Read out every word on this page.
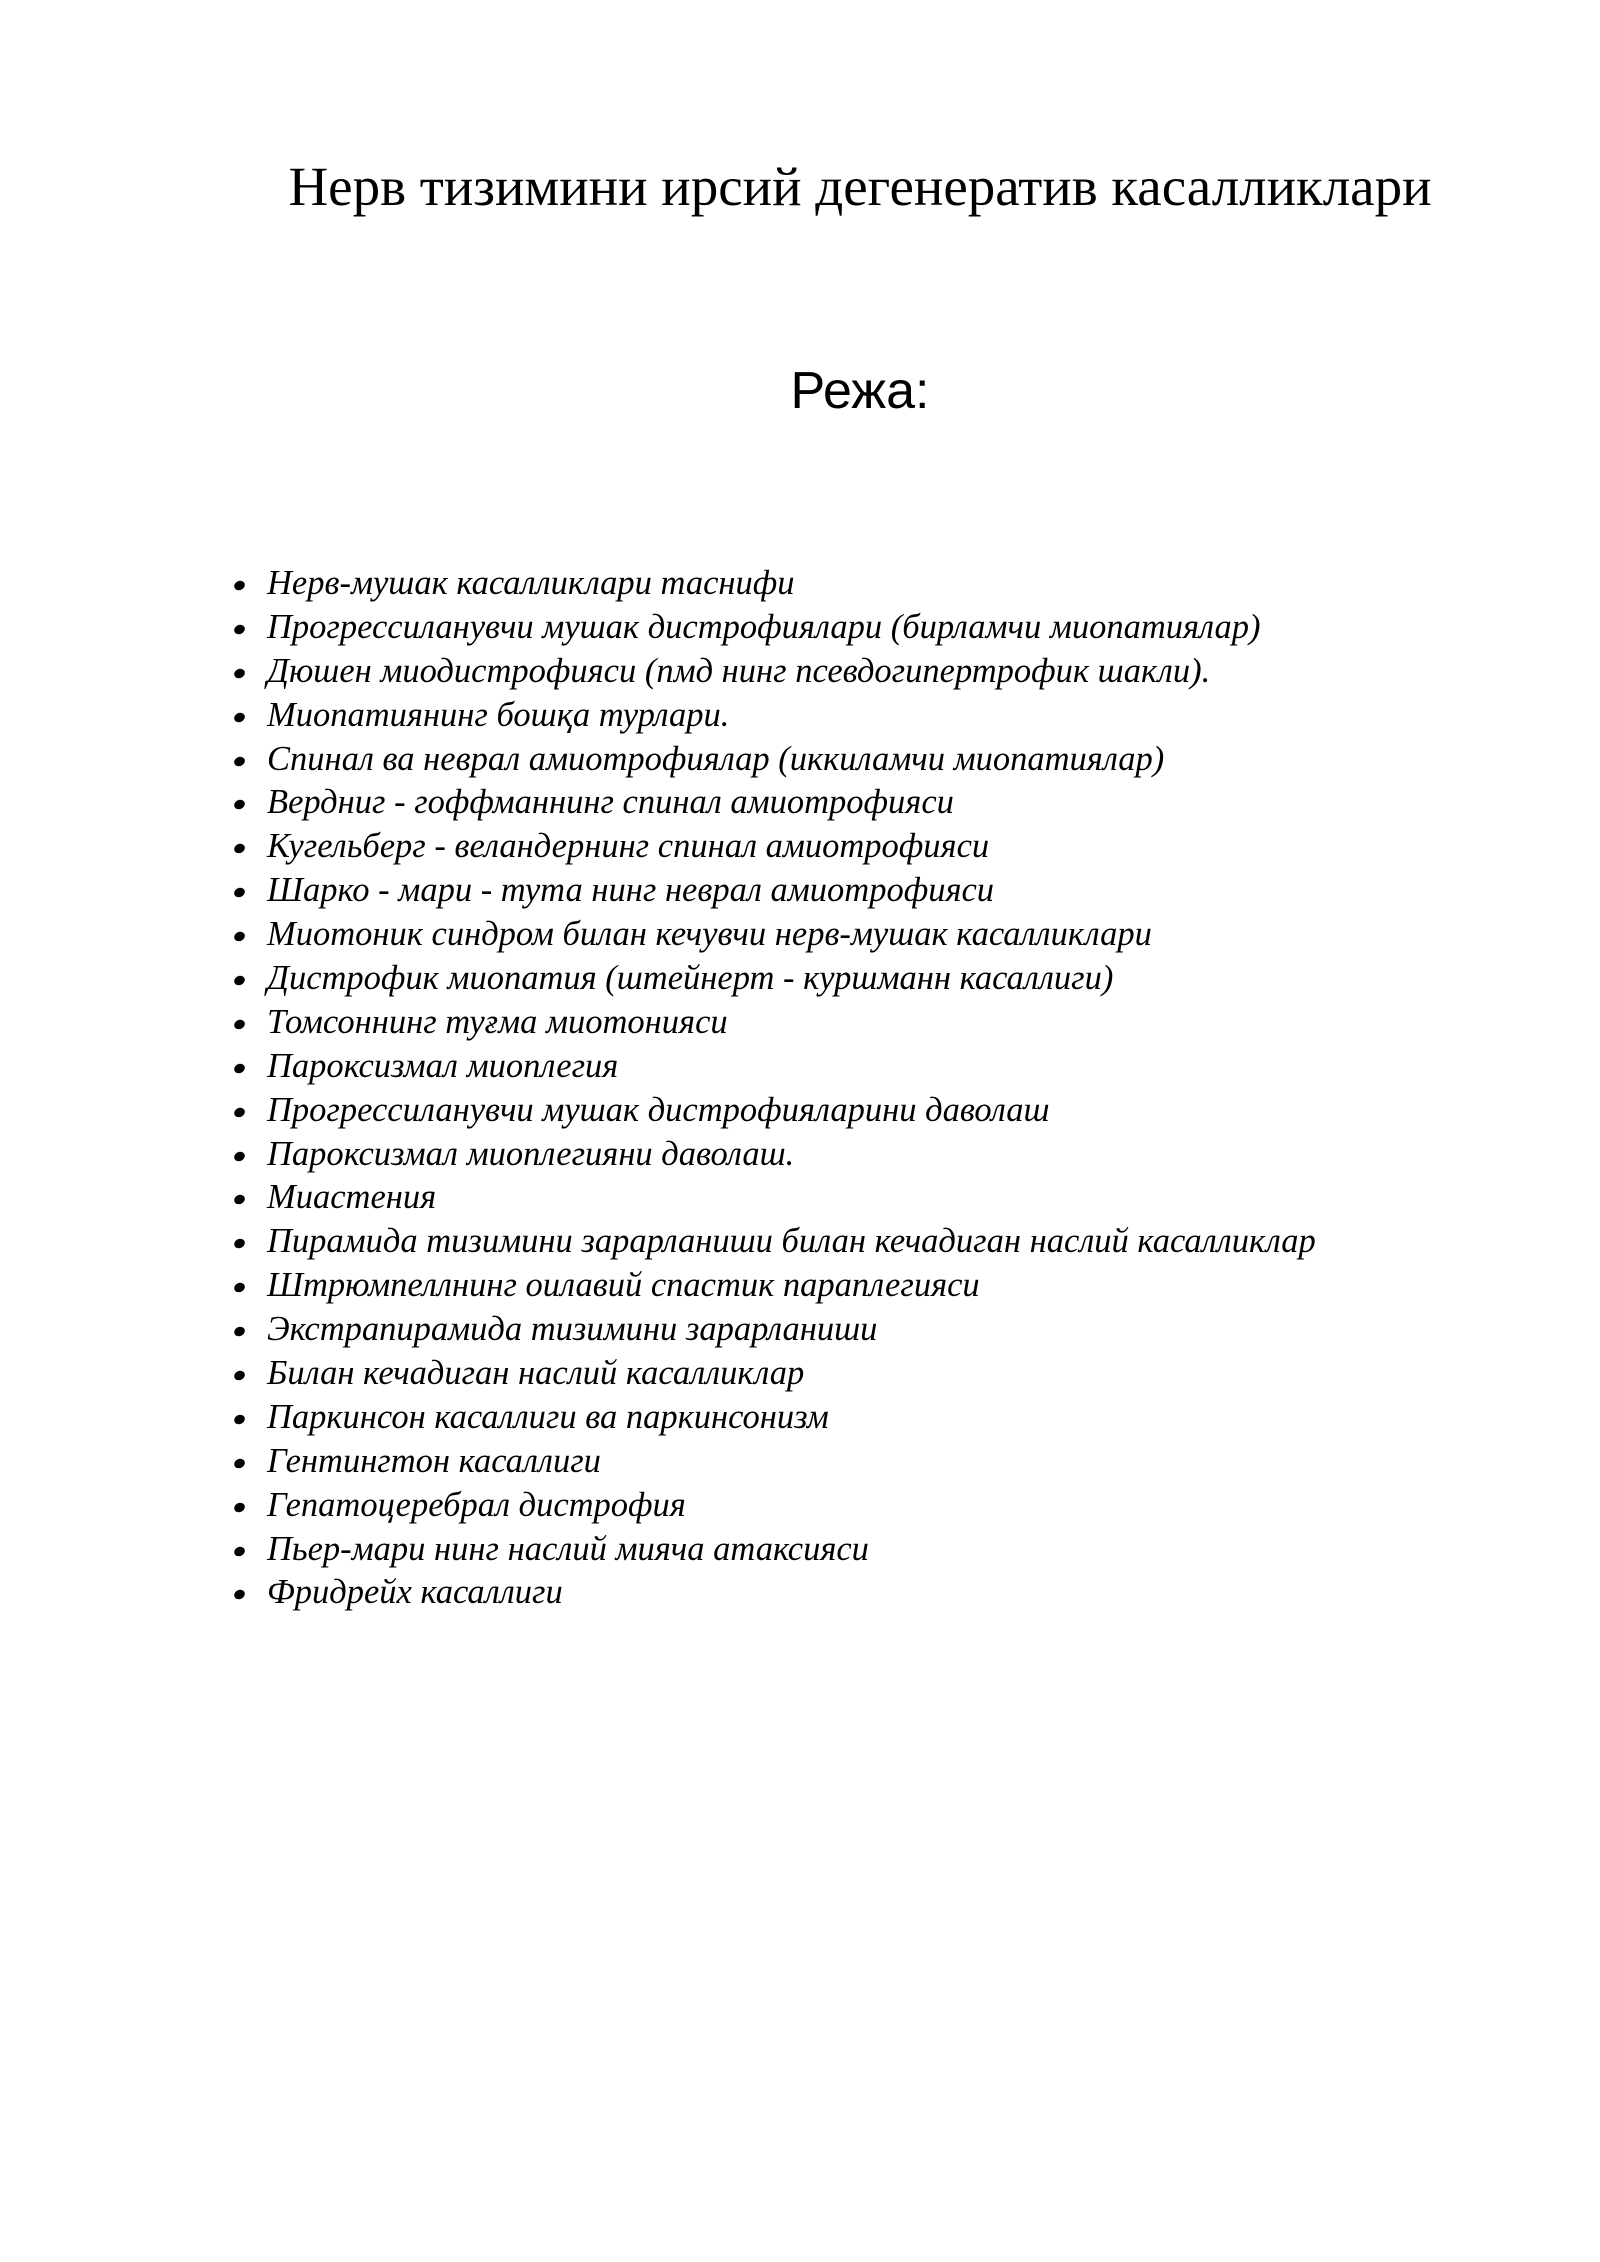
Нерв тизимини ирсий дегенератив касалликлари
Режа:
Нерв-мушак касалликлари таснифи
Прогрессиланувчи мушак дистрофиялари (бирламчи миопатиялар)
Дюшен миодистрофияси (пмд нинг псевдогипертрофик шакли).
Миопатиянинг бошқа турлари.
Спинал ва неврал амиотрофиялар (иккиламчи миопатиялар)
Вердниг - гоффманнинг спинал амиотрофияси
Кугельберг - веландернинг спинал амиотрофияси
Шарко - мари - тута нинг неврал амиотрофияси
Миотоник синдром билан кечувчи нерв-мушак касалликлари
Дистрофик миопатия (штейнерт - куршманн касаллиги)
Томсоннинг туғма миотонияси
Пароксизмал миоплегия
Прогрессиланувчи мушак дистрофияларини даволаш
Пароксизмал миоплегияни даволаш.
Миастения
Пирамида тизимини зарарланиши билан кечадиган наслий касалликлар
Штрюмпеллнинг оилавий спастик параплегияси
Экстрапирамида тизимини зарарланиши
Билан кечадиган наслий касалликлар
Паркинсон касаллиги ва паркинсонизм
Гентингтон касаллиги
Гепатоцеребрал дистрофия
Пьер-мари нинг наслий мияча атаксияси
Фридрейх касаллиги
